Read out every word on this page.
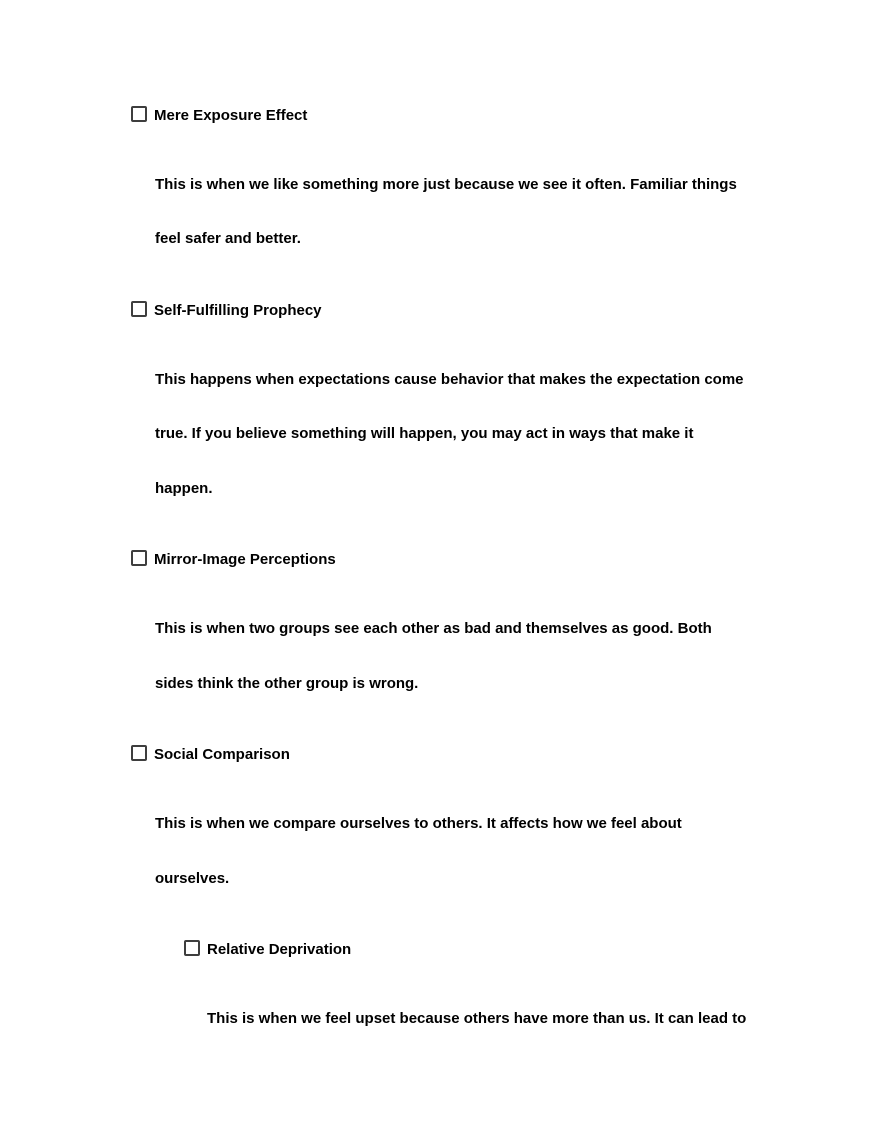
Mere Exposure Effect
This is when we like something more just because we see it often. Familiar things
feel safer and better.
Self-Fulfilling Prophecy
This happens when expectations cause behavior that makes the expectation come
true. If you believe something will happen, you may act in ways that make it
happen.
Mirror-Image Perceptions
This is when two groups see each other as bad and themselves as good. Both
sides think the other group is wrong.
Social Comparison
This is when we compare ourselves to others. It affects how we feel about
ourselves.
Relative Deprivation
This is when we feel upset because others have more than us. It can lead to
